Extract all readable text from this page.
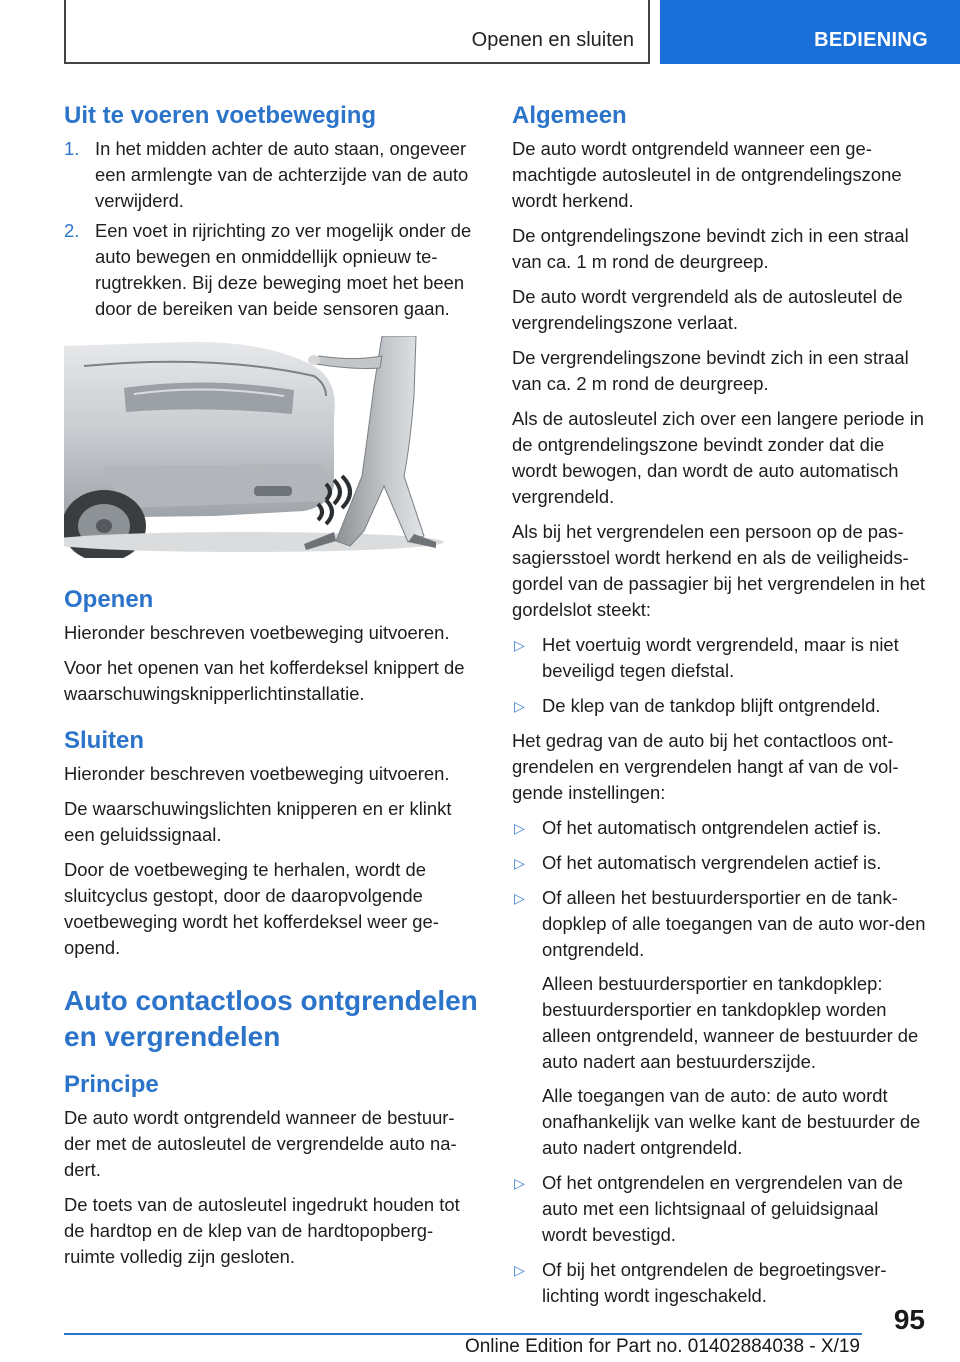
Openen en sluiten	BEDIENING
Uit te voeren voetbeweging
1. In het midden achter de auto staan, ongeveer een armlengte van de achterzijde van de auto verwijderd.
2. Een voet in rijrichting zo ver mogelijk onder de auto bewegen en onmiddellijk opnieuw te-rugtrekken. Bij deze beweging moet het been door de bereiken van beide sensoren gaan.
Openen

Hieronder beschreven voetbeweging uitvoeren.

Voor het openen van het kofferdeksel knippert de waarschuwingsknipperlichtinstallatie.

Sluiten

Hieronder beschreven voetbeweging uitvoeren.

De waarschuwingslichten knipperen en er klinkt een geluidssignaal.

Door de voetbeweging te herhalen, wordt de sluitcyclus gestopt, door de daaropvolgende voetbeweging wordt het kofferdeksel weer ge-opend.

Auto contactloos ontgrendelen en vergrendelen
Principe

De auto wordt ontgrendeld wanneer de bestuur-der met de autosleutel de vergrendelde auto na-dert.

De toets van de autosleutel ingedrukt houden tot de hardtop en de klep van de hardtopopberg-ruimte volledig zijn gesloten.

Algemeen

De auto wordt ontgrendeld wanneer een ge-machtigde autosleutel in de ontgrendelingszone wordt herkend.

De ontgrendelingszone bevindt zich in een straal van ca. 1 m rond de deurgreep.

De auto wordt vergrendeld als de autosleutel de vergrendelingszone verlaat.

De vergrendelingszone bevindt zich in een straal van ca. 2 m rond de deurgreep.

Als de autosleutel zich over een langere periode in de ontgrendelingszone bevindt zonder dat die wordt bewogen, dan wordt de auto automatisch vergrendeld.

Als bij het vergrendelen een persoon op de pas-sagiersstoel wordt herkend en als de veiligheids-gordel van de passagier bij het vergrendelen in het gordelslot steekt:

▷ Het voertuig wordt vergrendeld, maar is niet beveiligd tegen diefstal.
▷ De klep van de tankdop blijft ontgrendeld.

Het gedrag van de auto bij het contactloos ont-grendelen en vergrendelen hangt af van de vol-gende instellingen:

▷ Of het automatisch ontgrendelen actief is.
▷ Of het automatisch vergrendelen actief is.
▷ Of alleen het bestuurdersportier en de tank-dopklep of alle toegangen van de auto wor-den ontgrendeld.

Alleen bestuurdersportier en tankdopklep: bestuurdersportier en tankdopklep worden alleen ontgrendeld, wanneer de bestuurder de auto nadert aan bestuurderszijde.

Alle toegangen van de auto: de auto wordt onafhankelijk van welke kant de bestuurder de auto nadert ontgrendeld.

▷ Of het ontgrendelen en vergrendelen van de auto met een lichtsignaal of geluidsignaal wordt bevestigd.
▷ Of bij het ontgrendelen de begroetingsver-lichting wordt ingeschakeld.
95
Online Edition for Part no. 01402884038 - X/19
